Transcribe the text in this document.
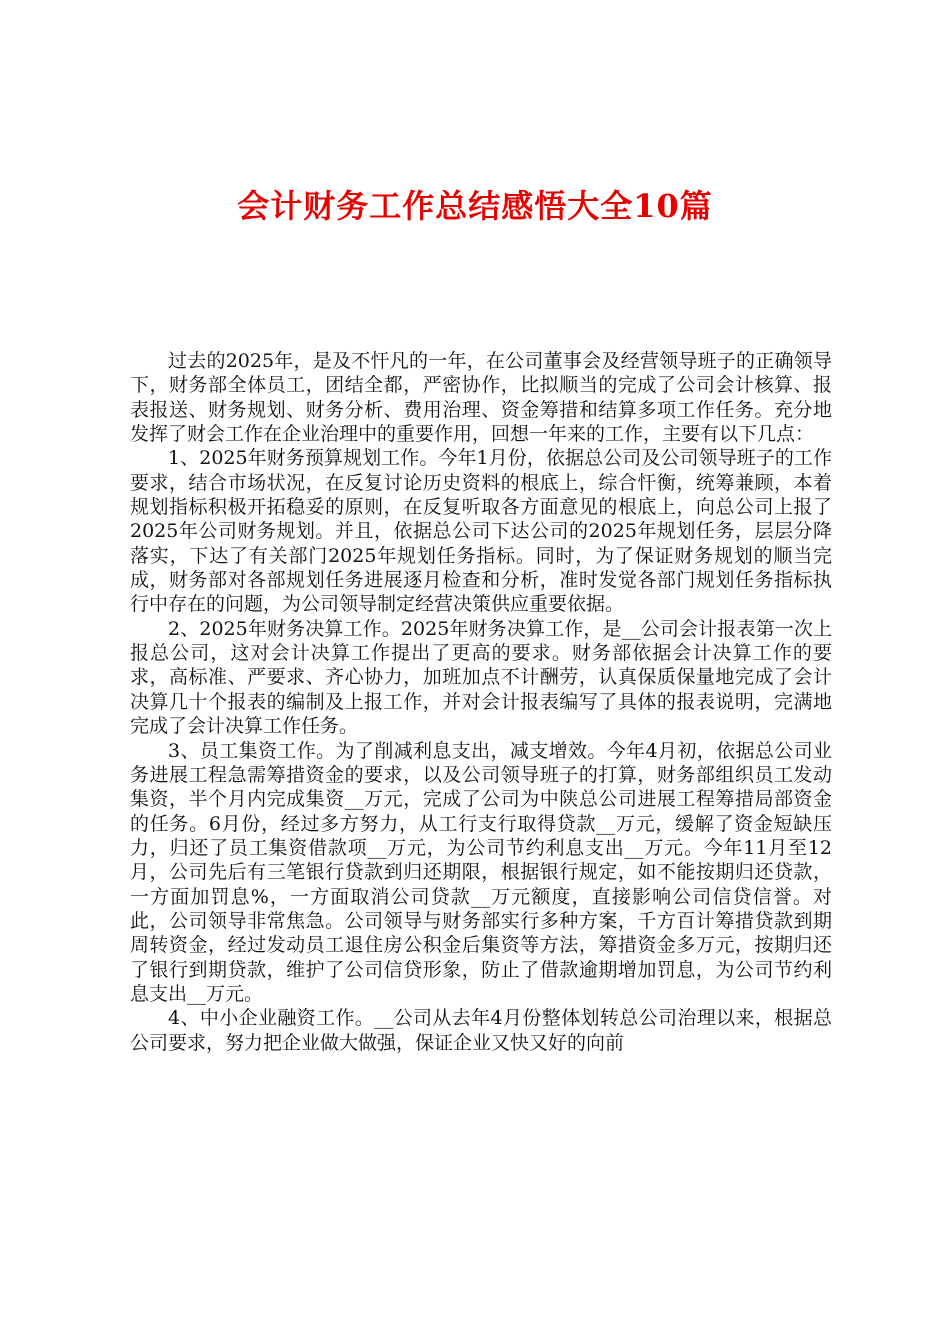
会计财务工作总结感悟大全10篇

过去的2025年，是及不忓凡的一年，在公司董事会及经营领导班子的正确领导下，财务部全体员工，团结全都，严密协作，比拟顺当的完成了公司会计核算、报表报送、财务规划、财务分析、费用治理、资金筹措和结算多项工作任务。充分地发挥了财会工作在企业治理中的重要作用，回想一年来的工作，主要有以下几点：

1、2025年财务预算规划工作。今年1月份，依据总公司及公司领导班子的工作要求，结合市场状况，在反复讨论历史资料的根底上，综合忓衡，统筹兼顾，本着规划指标积极开拓稳妥的原则，在反复听取各方面意见的根底上，向总公司上报了2025年公司财务规划。并且，依据总公司下达公司的2025年规划任务，层层分降落实，下达了有关部门2025年规划任务指标。同时，为了保证财务规划的顺当完成，财务部对各部规划任务进展逐月检查和分析，准时发觉各部门规划任务指标执行中存在的问题，为公司领导制定经营决策供应重要依据。

2、2025年财务决算工作。2025年财务决算工作，是__公司会计报表第一次上报总公司，这对会计决算工作提出了更高的要求。财务部依据会计决算工作的要求，高标准、严要求、齐心协力，加班加点不计酬劳，认真保质保量地完成了会计决算几十个报表的编制及上报工作，并对会计报表编写了具体的报表说明，完满地完成了会计决算工作任务。

3、员工集资工作。为了削减利息支出，减支增效。今年4月初，依据总公司业务进展工程急需筹措资金的要求，以及公司领导班子的打算，财务部组织员工发动集资，半个月内完成集资__万元，完成了公司为中陕总公司进展工程筹措局部资金的任务。6月份，经过多方努力，从工行支行取得贷款__万元，缓解了资金短缺压力，归还了员工集资借款项__万元，为公司节约利息支出__万元。今年11月至12月，公司先后有三笔银行贷款到归还期限，根据银行规定，如不能按期归还贷款，一方面加罚息%，一方面取消公司贷款__万元额度，直接影响公司信贷信誉。对此，公司领导非常焦急。公司领导与财务部实行多种方案，千方百计筹措贷款到期周转资金，经过发动员工退住房公积金后集资等方法，筹措资金多万元，按期归还了银行到期贷款，维护了公司信贷形象，防止了借款逾期增加罚息，为公司节约利息支出__万元。

4、中小企业融资工作。__公司从去年4月份整体划转总公司治理以来，根据总公司要求，努力把企业做大做强，保证企业又快又好的向前
